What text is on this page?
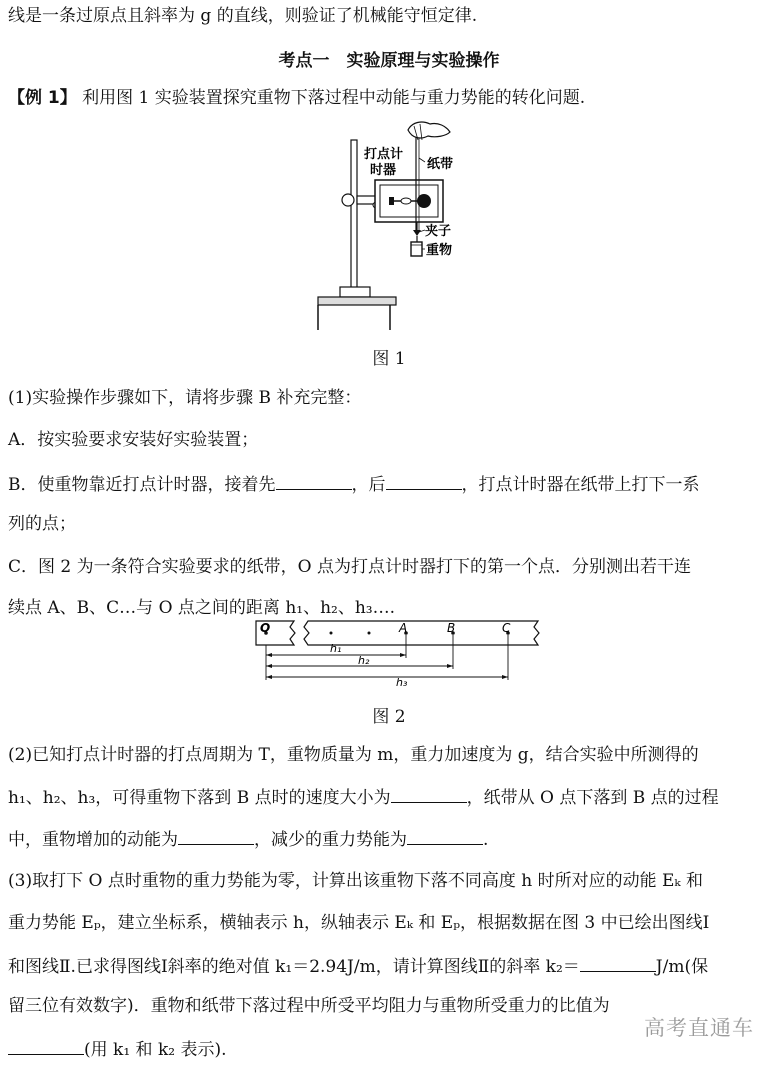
线是一条过原点且斜率为 g 的直线，则验证了机械能守恒定律.
考点一　实验原理与实验操作
【例 1】 利用图 1 实验装置探究重物下落过程中动能与重力势能的转化问题.
打点计
时器 纸带
夹子
重物
图 1
(1)实验操作步骤如下，请将步骤 B 补充完整：
A．按实验要求安装好实验装置；
B．使重物靠近打点计时器，接着先	，后	，打点计时器在纸带上打下一系
列的点；
C．图 2 为一条符合实验要求的纸带，O 点为打点计时器打下的第一个点．分别测出若干连
续点 A、B、C…与 O 点之间的距离 h₁、h₂、h₃….
O	A	B	C
h₁
h₂
h₃
图 2
(2)已知打点计时器的打点周期为 T，重物质量为 m，重力加速度为 g，结合实验中所测得的
h₁、h₂、h₃，可得重物下落到 B 点时的速度大小为	，纸带从 O 点下落到 B 点的过程
中，重物增加的动能为	，减少的重力势能为	.
(3)取打下 O 点时重物的重力势能为零，计算出该重物下落不同高度 h 时所对应的动能 Eₖ 和
重力势能 Eₚ，建立坐标系，横轴表示 h，纵轴表示 Eₖ 和 Eₚ，根据数据在图 3 中已绘出图线Ⅰ
和图线Ⅱ.已求得图线Ⅰ斜率的绝对值 k₁＝2.94J/m，请计算图线Ⅱ的斜率 k₂＝	J/m(保
留三位有效数字)．重物和纸带下落过程中所受平均阻力与重物所受重力的比值为
(用 k₁ 和 k₂ 表示).
高考直通车
